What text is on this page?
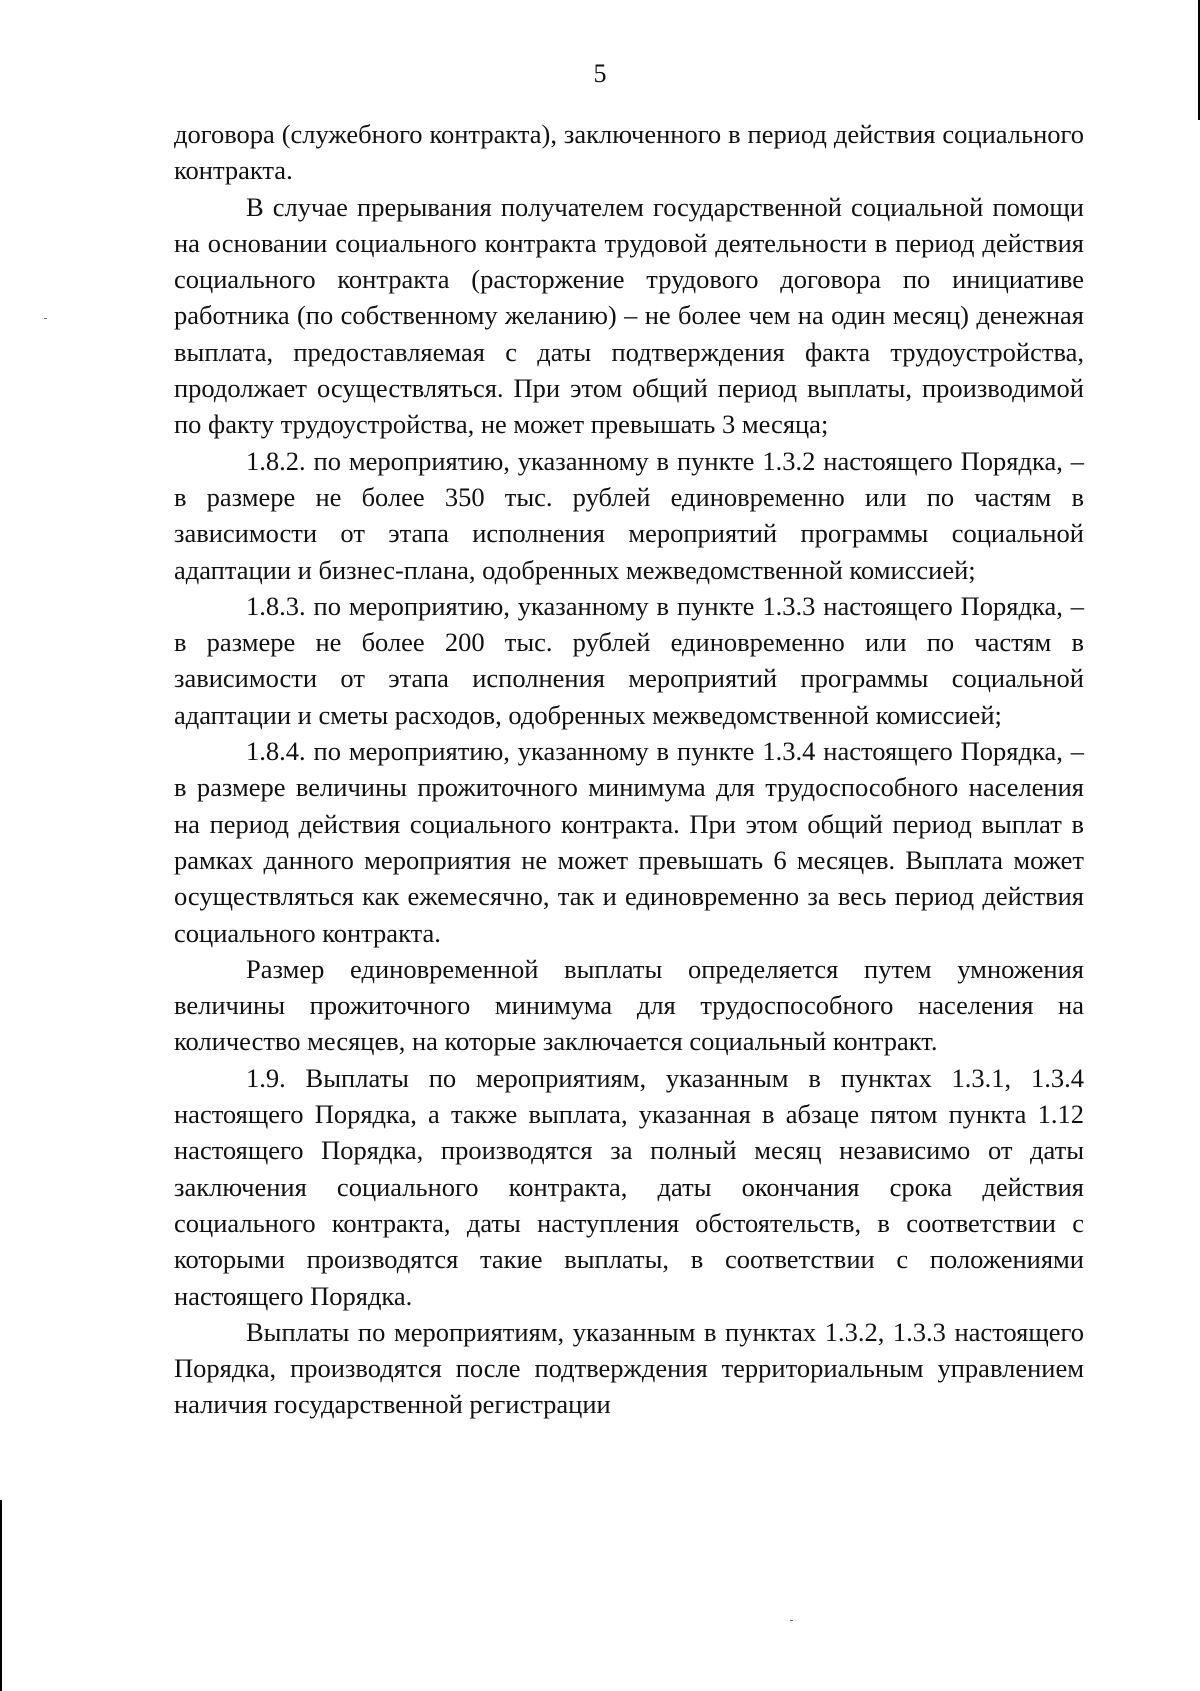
5

договора (служебного контракта), заключенного в период действия социального контракта.

В случае прерывания получателем государственной социальной помощи на основании социального контракта трудовой деятельности в период действия социального контракта (расторжение трудового договора по инициативе работника (по собственному желанию) – не более чем на один месяц) денежная выплата, предоставляемая с даты подтверждения факта трудоустройства, продолжает осуществляться. При этом общий период выплаты, производимой по факту трудоустройства, не может превышать 3 месяца;

1.8.2. по мероприятию, указанному в пункте 1.3.2 настоящего Порядка, – в размере не более 350 тыс. рублей единовременно или по частям в зависимости от этапа исполнения мероприятий программы социальной адаптации и бизнес-плана, одобренных межведомственной комиссией;

1.8.3. по мероприятию, указанному в пункте 1.3.3 настоящего Порядка, – в размере не более 200 тыс. рублей единовременно или по частям в зависимости от этапа исполнения мероприятий программы социальной адаптации и сметы расходов, одобренных межведомственной комиссией;

1.8.4. по мероприятию, указанному в пункте 1.3.4 настоящего Порядка, – в размере величины прожиточного минимума для трудоспособного населения на период действия социального контракта. При этом общий период выплат в рамках данного мероприятия не может превышать 6 месяцев. Выплата может осуществляться как ежемесячно, так и единовременно за весь период действия социального контракта.

Размер единовременной выплаты определяется путем умножения величины прожиточного минимума для трудоспособного населения на количество месяцев, на которые заключается социальный контракт.

1.9. Выплаты по мероприятиям, указанным в пунктах 1.3.1, 1.3.4 настоящего Порядка, а также выплата, указанная в абзаце пятом пункта 1.12 настоящего Порядка, производятся за полный месяц независимо от даты заключения социального контракта, даты окончания срока действия социального контракта, даты наступления обстоятельств, в соответствии с которыми производятся такие выплаты, в соответствии с положениями настоящего Порядка.

Выплаты по мероприятиям, указанным в пунктах 1.3.2, 1.3.3 настоящего Порядка, производятся после подтверждения территориальным управлением наличия государственной регистрации
